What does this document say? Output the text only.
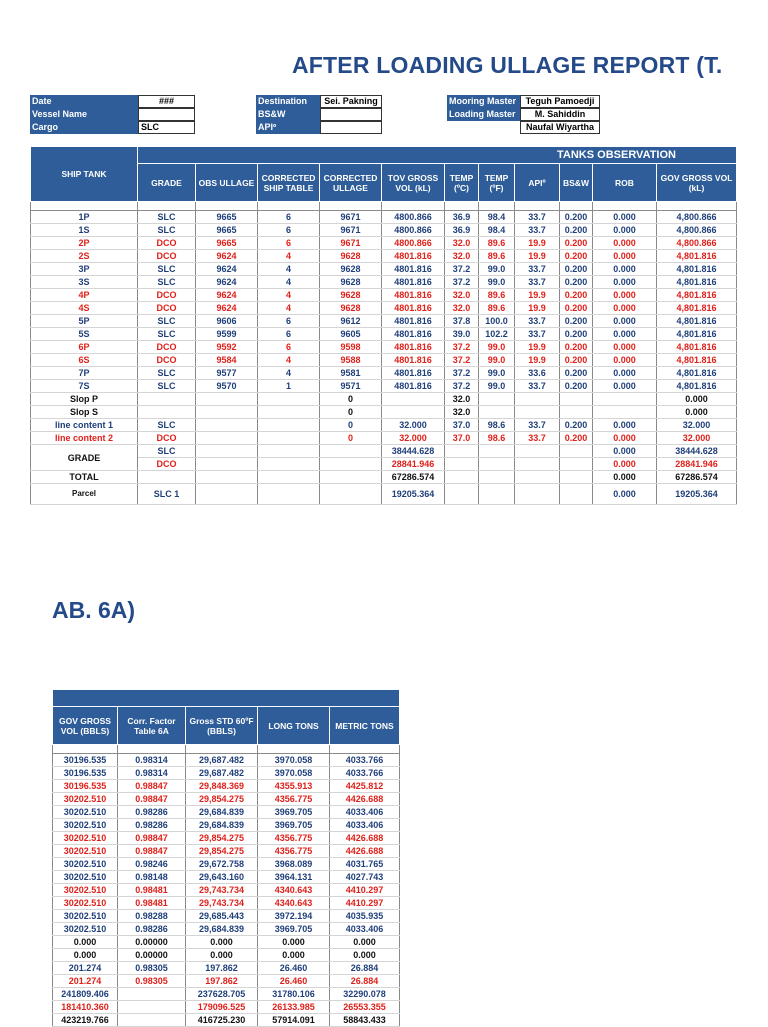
AFTER LOADING ULLAGE REPORT (T.
Date	###
Vessel Name
Cargo	SLC
Destination	Sei. Pakning
BS&W
APIº
Mooring Master	Teguh Pamoedji
Loading Master	M. Sahiddin
Naufal Wiyartha
SHIP TANK	TANKS OBSERVATION										
	GRADE	OBS ULLAGE	CORRECTED SHIP TABLE	CORRECTED ULLAGE	TOV GROSS VOL (kL)	TEMP (ºC)	TEMP (ºF)	APIº	BS&W	ROB	GOV GROSS VOL (kL)

1P	SLC	9665	6	9671	4800.866	36.9	98.4	33.7	0.200	0.000	4,800.866
1S	SLC	9665	6	9671	4800.866	36.9	98.4	33.7	0.200	0.000	4,800.866
2P	DCO	9665	6	9671	4800.866	32.0	89.6	19.9	0.200	0.000	4,800.866
2S	DCO	9624	4	9628	4801.816	32.0	89.6	19.9	0.200	0.000	4,801.816
3P	SLC	9624	4	9628	4801.816	37.2	99.0	33.7	0.200	0.000	4,801.816
3S	SLC	9624	4	9628	4801.816	37.2	99.0	33.7	0.200	0.000	4,801.816
4P	DCO	9624	4	9628	4801.816	32.0	89.6	19.9	0.200	0.000	4,801.816
4S	DCO	9624	4	9628	4801.816	32.0	89.6	19.9	0.200	0.000	4,801.816
5P	SLC	9606	6	9612	4801.816	37.8	100.0	33.7	0.200	0.000	4,801.816
5S	SLC	9599	6	9605	4801.816	39.0	102.2	33.7	0.200	0.000	4,801.816
6P	DCO	9592	6	9598	4801.816	37.2	99.0	19.9	0.200	0.000	4,801.816
6S	DCO	9584	4	9588	4801.816	37.2	99.0	19.9	0.200	0.000	4,801.816
7P	SLC	9577	4	9581	4801.816	37.2	99.0	33.6	0.200	0.000	4,801.816
7S	SLC	9570	1	9571	4801.816	37.2	99.0	33.7	0.200	0.000	4,801.816
Slop P				0		32.0					0.000
Slop S				0		32.0					0.000
line content 1	SLC			0	32.000	37.0	98.6	33.7	0.200	0.000	32.000
line content 2	DCO			0	32.000	37.0	98.6	33.7	0.200	0.000	32.000
GRADE	SLC				38444.628					0.000	38444.628
	DCO				28841.946					0.000	28841.946
TOTAL					67286.574					0.000	67286.574
Parcel	SLC 1				19205.364					0.000	19205.364
AB. 6A)

GOV GROSS VOL (BBLS)	Corr. Factor Table 6A	Gross STD 60ºF (BBLS)	LONG TONS	METRIC TONS

30196.535	0.98314	29,687.482	3970.058	4033.766
30196.535	0.98314	29,687.482	3970.058	4033.766
30196.535	0.98847	29,848.369	4355.913	4425.812
30202.510	0.98847	29,854.275	4356.775	4426.688
30202.510	0.98286	29,684.839	3969.705	4033.406
30202.510	0.98286	29,684.839	3969.705	4033.406
30202.510	0.98847	29,854.275	4356.775	4426.688
30202.510	0.98847	29,854.275	4356.775	4426.688
30202.510	0.98246	29,672.758	3968.089	4031.765
30202.510	0.98148	29,643.160	3964.131	4027.743
30202.510	0.98481	29,743.734	4340.643	4410.297
30202.510	0.98481	29,743.734	4340.643	4410.297
30202.510	0.98288	29,685.443	3972.194	4035.935
30202.510	0.98286	29,684.839	3969.705	4033.406
0.000	0.00000	0.000	0.000	0.000
0.000	0.00000	0.000	0.000	0.000
201.274	0.98305	197.862	26.460	26.884
201.274	0.98305	197.862	26.460	26.884
241809.406		237628.705	31780.106	32290.078
181410.360		179096.525	26133.985	26553.355
423219.766		416725.230	57914.091	58843.433
